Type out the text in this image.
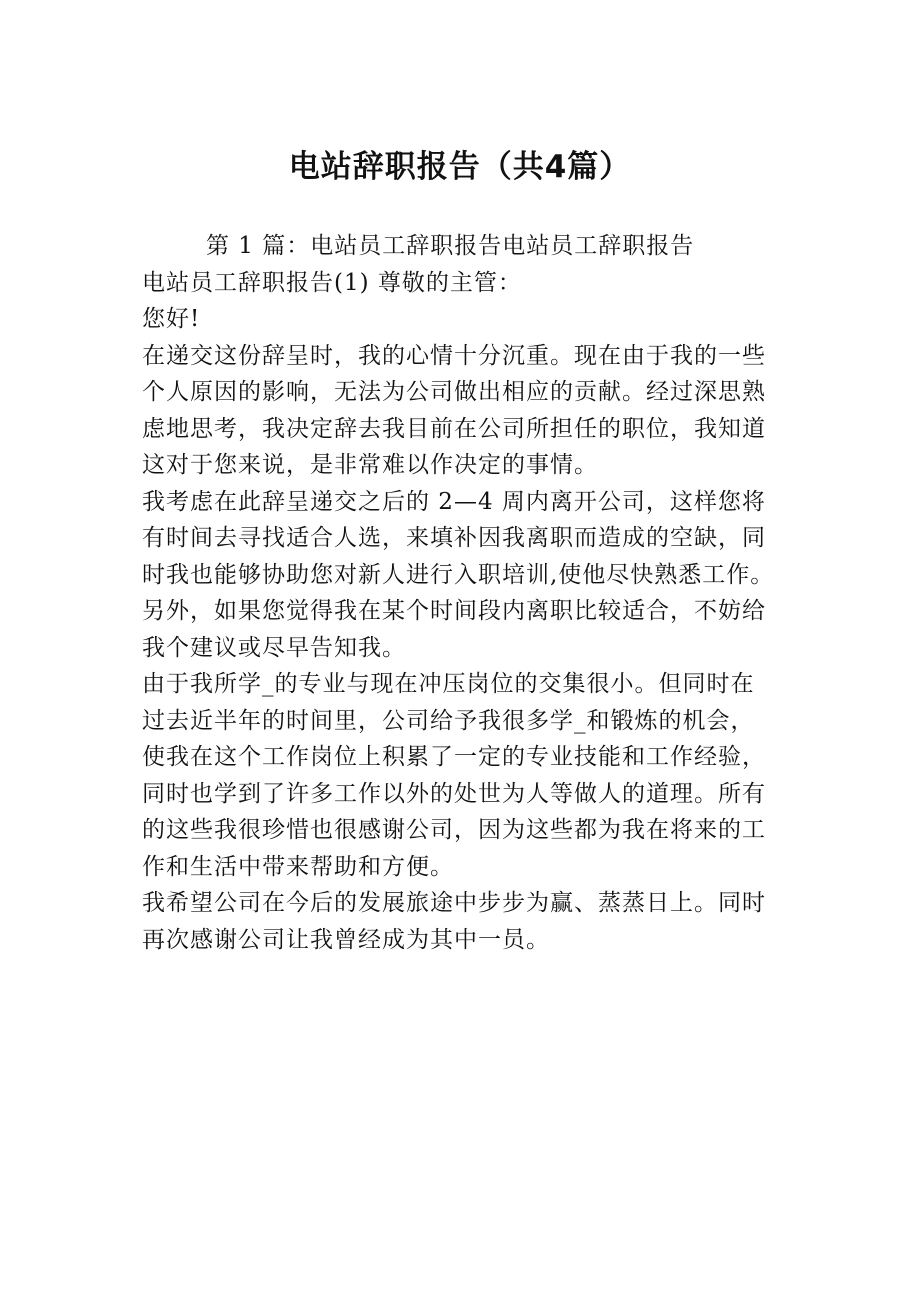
电站辞职报告（共4篇）
第 1 篇：电站员工辞职报告电站员工辞职报告
电站员工辞职报告(1) 尊敬的主管：
您好!
在递交这份辞呈时，我的心情十分沉重。现在由于我的一些
个人原因的影响，无法为公司做出相应的贡献。经过深思熟
虑地思考，我决定辞去我目前在公司所担任的职位，我知道
这对于您来说，是非常难以作决定的事情。
我考虑在此辞呈递交之后的 2—4 周内离开公司，这样您将
有时间去寻找适合人选，来填补因我离职而造成的空缺，同
时我也能够协助您对新人进行入职培训,使他尽快熟悉工作。
另外，如果您觉得我在某个时间段内离职比较适合，不妨给
我个建议或尽早告知我。
由于我所学_的专业与现在冲压岗位的交集很小。但同时在
过去近半年的时间里，公司给予我很多学_和锻炼的机会，
使我在这个工作岗位上积累了一定的专业技能和工作经验，
同时也学到了许多工作以外的处世为人等做人的道理。所有
的这些我很珍惜也很感谢公司，因为这些都为我在将来的工
作和生活中带来帮助和方便。
我希望公司在今后的发展旅途中步步为赢、蒸蒸日上。同时
再次感谢公司让我曾经成为其中一员。
